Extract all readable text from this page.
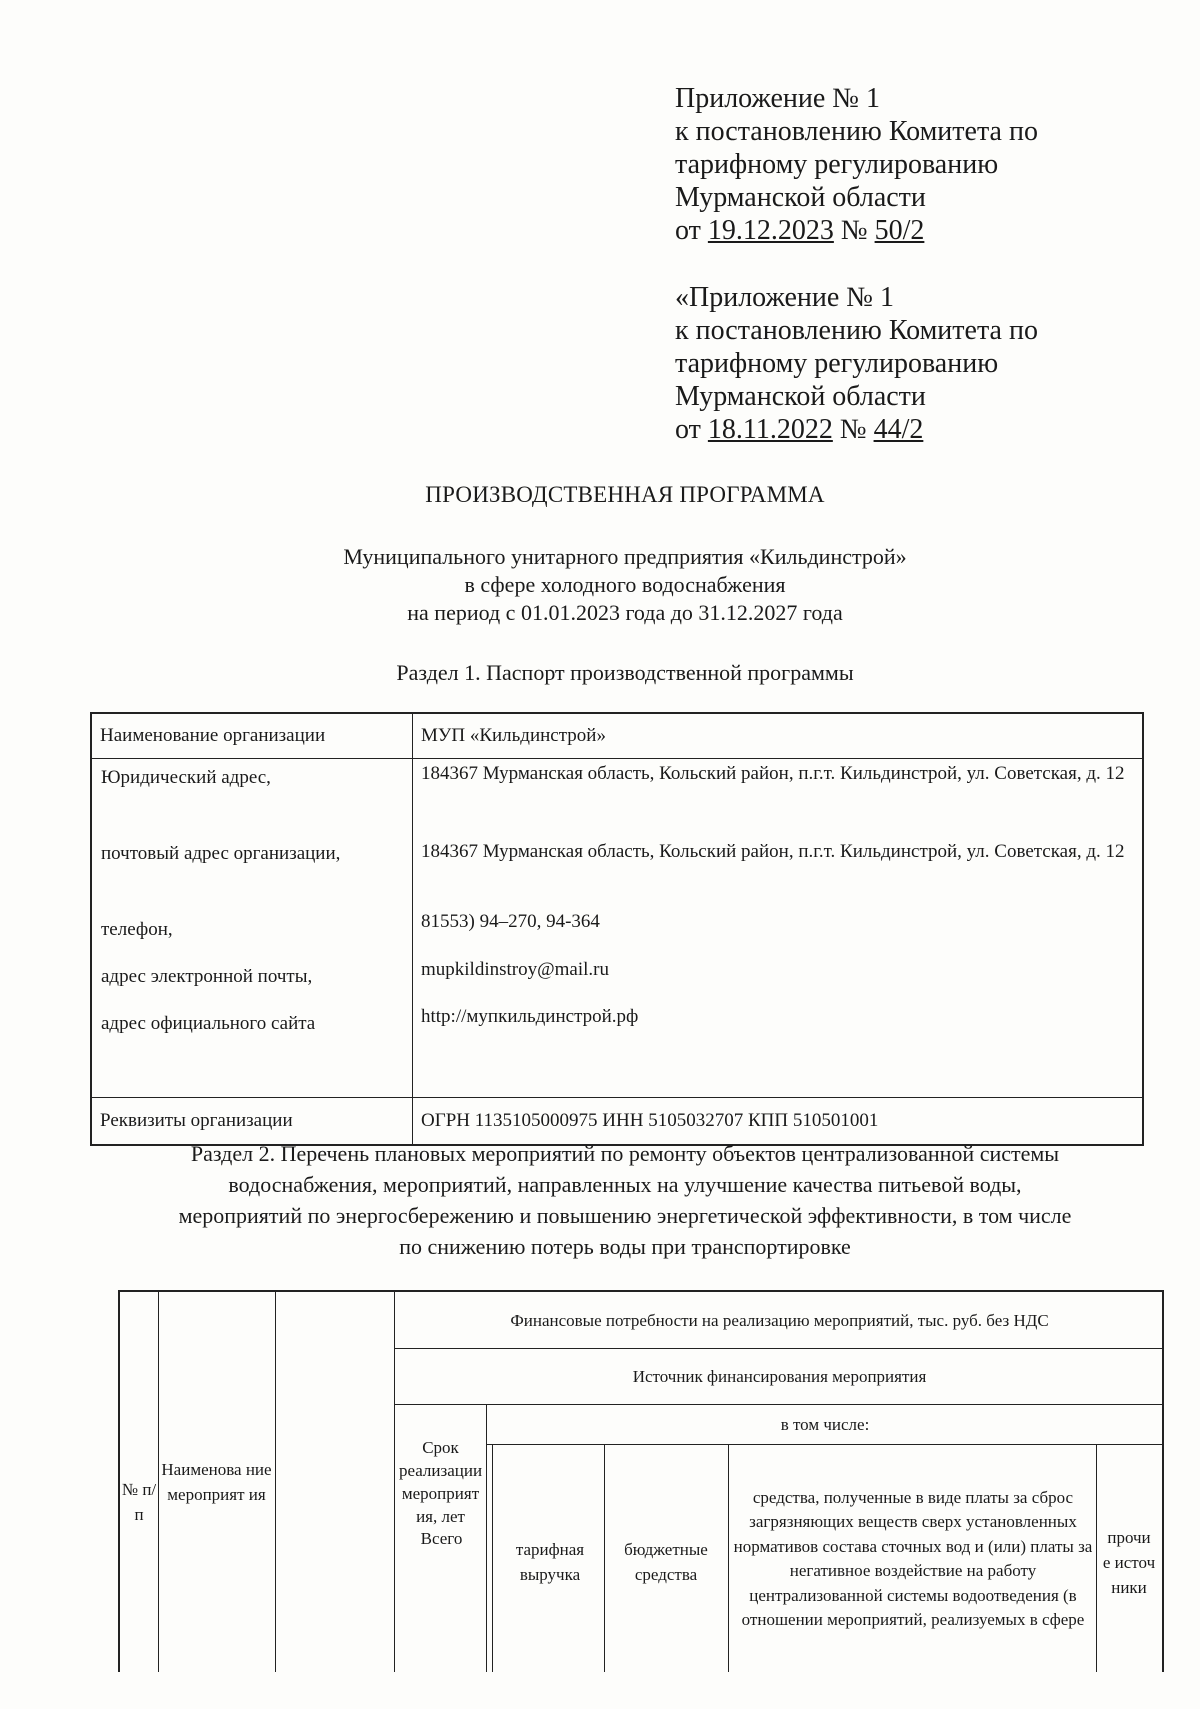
Приложение № 1
к постановлению Комитета по
тарифному регулированию
Мурманской области
от 19.12.2023 № 50/2
«Приложение № 1
к постановлению Комитета по
тарифному регулированию
Мурманской области
от 18.11.2022 № 44/2
ПРОИЗВОДСТВЕННАЯ ПРОГРАММА
Муниципального унитарного предприятия «Кильдинстрой»
в сфере холодного водоснабжения
на период с 01.01.2023 года до 31.12.2027 года
Раздел 1. Паспорт производственной программы
Наименование организации	МУП «Кильдинстрой»
Юридический адрес,
почтовый адрес организации,
телефон,
адрес электронной почты,
адрес официального сайта
184367 Мурманская область, Кольский район, п.г.т. Кильдинстрой, ул. Советская, д. 12
184367 Мурманская область, Кольский район, п.г.т. Кильдинстрой, ул. Советская, д. 12
81553) 94–270, 94-364
mupkildinstroy@mail.ru
http://мупкильдинстрой.рф
Реквизиты организации	ОГРН 1135105000975 ИНН 5105032707 КПП 510501001
Раздел 2. Перечень плановых мероприятий по ремонту объектов централизованной системы
водоснабжения, мероприятий, направленных на улучшение качества питьевой воды,
мероприятий по энергосбережению и повышению энергетической эффективности, в том числе
по снижению потерь воды при транспортировке
№ п/п
Наименова ние мероприят ия
Срок реализации мероприят ия, лет
Финансовые потребности на реализацию мероприятий, тыс. руб. без НДС
Источник финансирования мероприятия
Всего
в том числе:
тарифная выручка
бюджетные средства
средства, полученные в виде платы за сброс загрязняющих веществ сверх установленных нормативов состава сточных вод и (или) платы за негативное воздействие на работу централизованной системы водоотведения (в отношении мероприятий, реализуемых в сфере
прочи е источ ники
